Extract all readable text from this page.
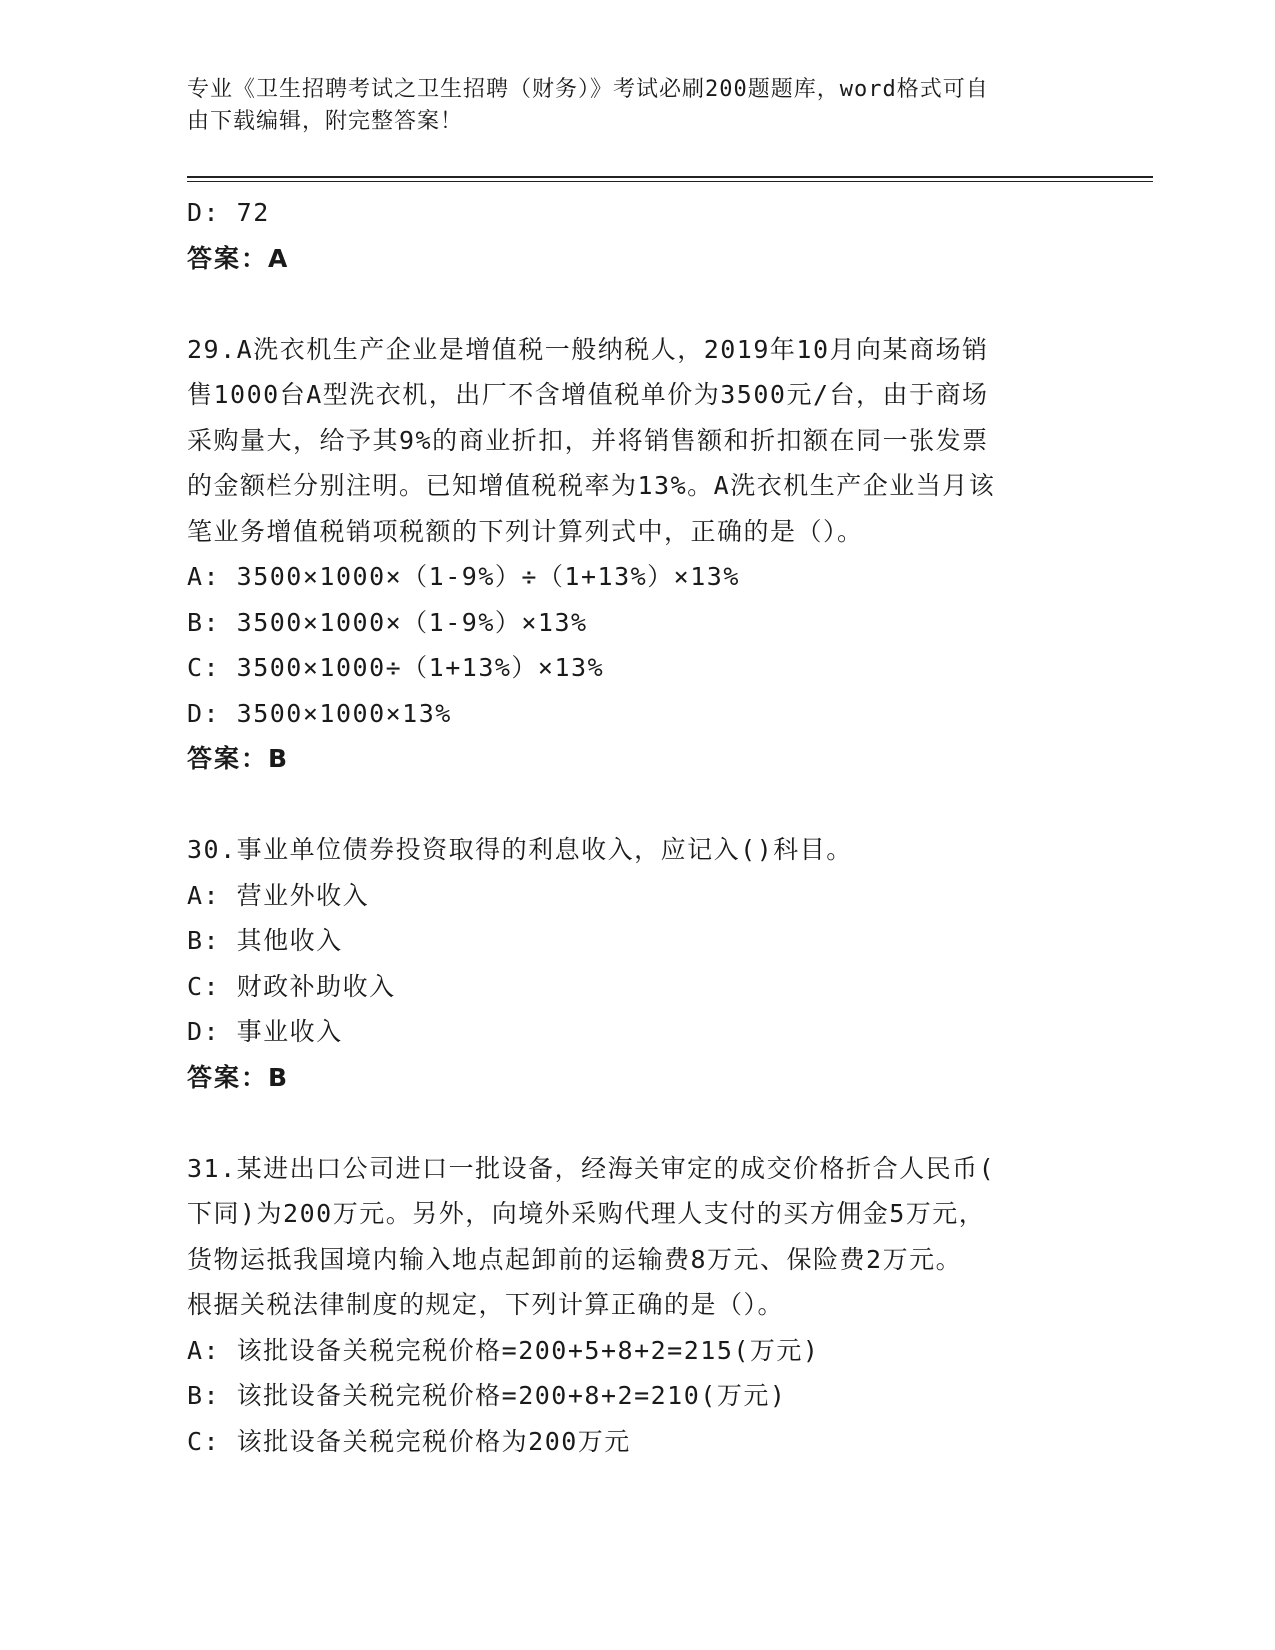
专业《卫生招聘考试之卫生招聘（财务）》考试必刷200题题库，word格式可自
由下载编辑，附完整答案！
D: 72
答案：A
29.A洗衣机生产企业是增值税一般纳税人，2019年10月向某商场销
售1000台A型洗衣机，出厂不含增值税单价为3500元/台，由于商场
采购量大，给予其9%的商业折扣，并将销售额和折扣额在同一张发票
的金额栏分别注明。已知增值税税率为13%。A洗衣机生产企业当月该
笔业务增值税销项税额的下列计算列式中，正确的是（）。
A: 3500×1000×（1-9%）÷（1+13%）×13%
B: 3500×1000×（1-9%）×13%
C: 3500×1000÷（1+13%）×13%
D: 3500×1000×13%
答案：B
30.事业单位债券投资取得的利息收入，应记入()科目。
A: 营业外收入
B: 其他收入
C: 财政补助收入
D: 事业收入
答案：B
31.某进出口公司进口一批设备，经海关审定的成交价格折合人民币(
下同)为200万元。另外，向境外采购代理人支付的买方佣金5万元，
货物运抵我国境内输入地点起卸前的运输费8万元、保险费2万元。
根据关税法律制度的规定，下列计算正确的是（）。
A: 该批设备关税完税价格=200+5+8+2=215(万元)
B: 该批设备关税完税价格=200+8+2=210(万元)
C: 该批设备关税完税价格为200万元
